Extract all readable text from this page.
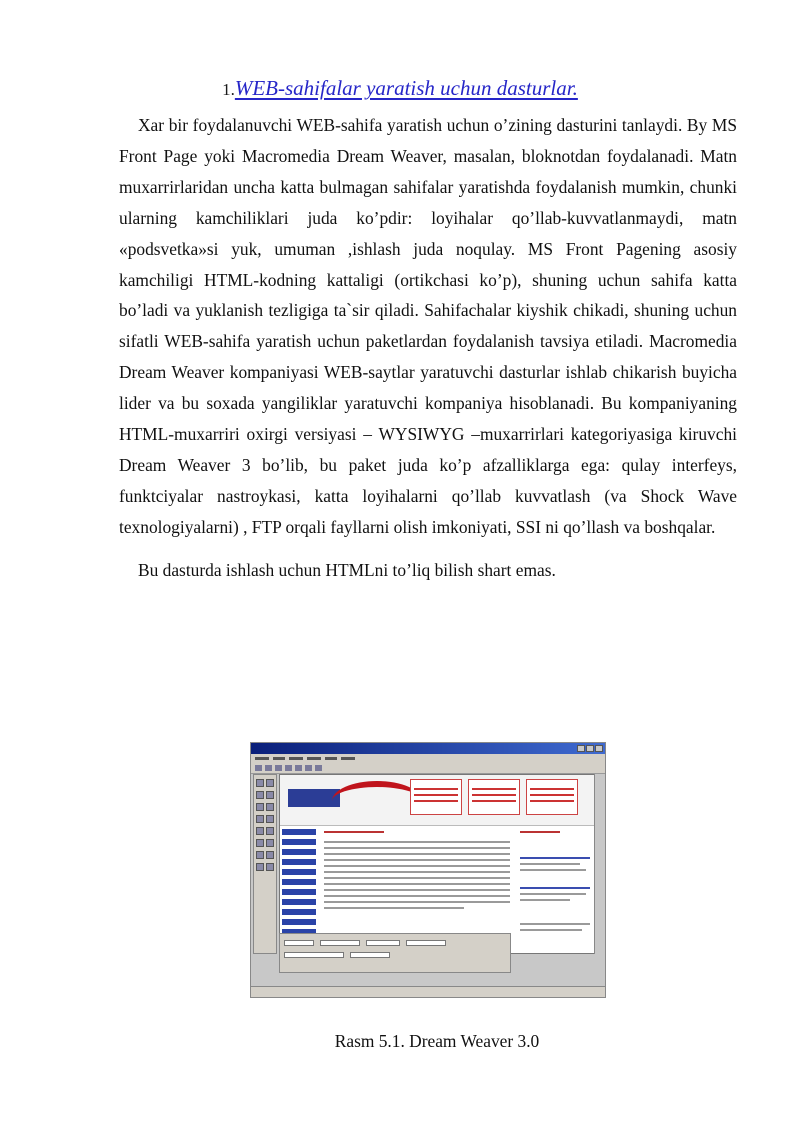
1.WEB-sahifalar yaratish uchun dasturlar.

Xar bir foydalanuvchi WEB-sahifa yaratish uchun o’zining dasturini tanlaydi. By MS Front Page yoki Macromedia Dream Weaver, masalan, bloknotdan foydalanadi. Matn muxarrirlaridan uncha katta bulmagan sahifalar yaratishda foydalanish mumkin, chunki ularning kamchiliklari juda ko’pdir: loyihalar qo’llab-kuvvatlanmaydi, matn «podsvetka»si yuk, umuman ,ishlash juda noqulay. MS Front Pagening asosiy kamchiligi HTML-kodning kattaligi (ortikchasi ko’p), shuning uchun sahifa katta bo’ladi va yuklanish tezligiga ta`sir qiladi. Sahifachalar kiyshik chikadi, shuning uchun sifatli WEB-sahifa yaratish uchun paketlardan foydalanish tavsiya etiladi. Macromedia Dream Weaver kompaniyasi WEB-saytlar yaratuvchi dasturlar ishlab chikarish buyicha lider va bu soxada yangiliklar yaratuvchi kompaniya hisoblanadi. Bu kompaniyaning HTML-muxarriri oxirgi versiyasi – WYSIWYG –muxarrirlari kategoriyasiga kiruvchi Dream Weaver 3 bo’lib, bu paket juda ko’p afzalliklarga ega: qulay interfeys, funktciyalar nastroykasi, katta loyihalarni qo’llab kuvvatlash (va Shock Wave texnologiyalarni) , FTP orqali fayllarni olish imkoniyati, SSI ni qo’llash va boshqalar.

Bu dasturda ishlash uchun HTMLni to’liq bilish shart emas.

Rasm 5.1. Dream Weaver 3.0
